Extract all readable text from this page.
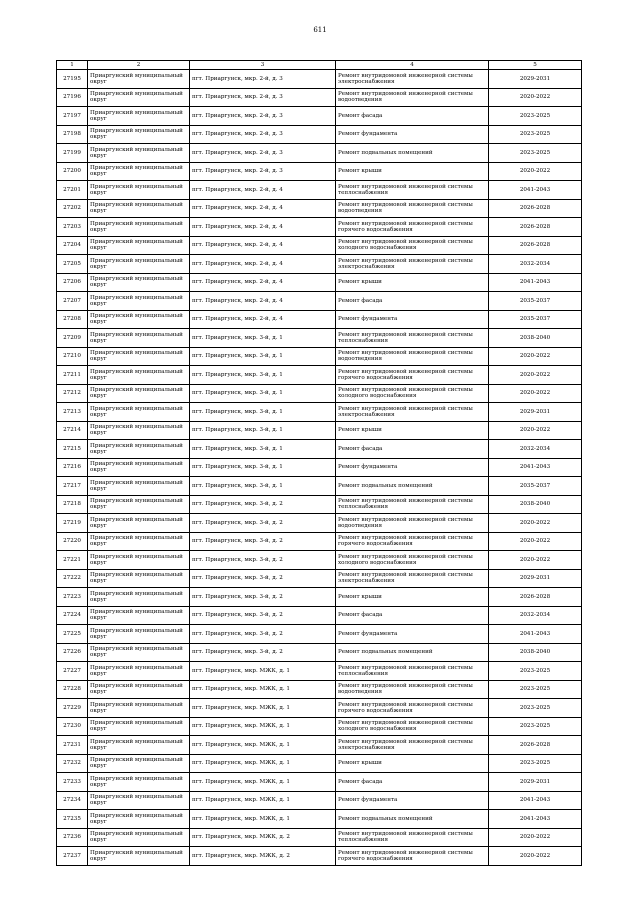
611
1	2	3	4	5
27195	Приаргунский муниципальный округ	пгт. Приаргунск, мкр. 2-й, д. 3	Ремонт внутридомовой инженерной системы электроснабжения	2029-2031
27196	Приаргунский муниципальный округ	пгт. Приаргунск, мкр. 2-й, д. 3	Ремонт внутридомовой инженерной системы водоотведения	2020-2022
27197	Приаргунский муниципальный округ	пгт. Приаргунск, мкр. 2-й, д. 3	Ремонт фасада	2023-2025
27198	Приаргунский муниципальный округ	пгт. Приаргунск, мкр. 2-й, д. 3	Ремонт фундамента	2023-2025
27199	Приаргунский муниципальный округ	пгт. Приаргунск, мкр. 2-й, д. 3	Ремонт подвальных помещений	2023-2025
27200	Приаргунский муниципальный округ	пгт. Приаргунск, мкр. 2-й, д. 3	Ремонт крыши	2020-2022
27201	Приаргунский муниципальный округ	пгт. Приаргунск, мкр. 2-й, д. 4	Ремонт внутридомовой инженерной системы теплоснабжения	2041-2043
27202	Приаргунский муниципальный округ	пгт. Приаргунск, мкр. 2-й, д. 4	Ремонт внутридомовой инженерной системы водоотведения	2026-2028
27203	Приаргунский муниципальный округ	пгт. Приаргунск, мкр. 2-й, д. 4	Ремонт внутридомовой инженерной системы горячего водоснабжения	2026-2028
27204	Приаргунский муниципальный округ	пгт. Приаргунск, мкр. 2-й, д. 4	Ремонт внутридомовой инженерной системы холодного водоснабжения	2026-2028
27205	Приаргунский муниципальный округ	пгт. Приаргунск, мкр. 2-й, д. 4	Ремонт внутридомовой инженерной системы электроснабжения	2032-2034
27206	Приаргунский муниципальный округ	пгт. Приаргунск, мкр. 2-й, д. 4	Ремонт крыши	2041-2043
27207	Приаргунский муниципальный округ	пгт. Приаргунск, мкр. 2-й, д. 4	Ремонт фасада	2035-2037
27208	Приаргунский муниципальный округ	пгт. Приаргунск, мкр. 2-й, д. 4	Ремонт фундамента	2035-2037
27209	Приаргунский муниципальный округ	пгт. Приаргунск, мкр. 3-й, д. 1	Ремонт внутридомовой инженерной системы теплоснабжения	2038-2040
27210	Приаргунский муниципальный округ	пгт. Приаргунск, мкр. 3-й, д. 1	Ремонт внутридомовой инженерной системы водоотведения	2020-2022
27211	Приаргунский муниципальный округ	пгт. Приаргунск, мкр. 3-й, д. 1	Ремонт внутридомовой инженерной системы горячего водоснабжения	2020-2022
27212	Приаргунский муниципальный округ	пгт. Приаргунск, мкр. 3-й, д. 1	Ремонт внутридомовой инженерной системы холодного водоснабжения	2020-2022
27213	Приаргунский муниципальный округ	пгт. Приаргунск, мкр. 3-й, д. 1	Ремонт внутридомовой инженерной системы электроснабжения	2029-2031
27214	Приаргунский муниципальный округ	пгт. Приаргунск, мкр. 3-й, д. 1	Ремонт крыши	2020-2022
27215	Приаргунский муниципальный округ	пгт. Приаргунск, мкр. 3-й, д. 1	Ремонт фасада	2032-2034
27216	Приаргунский муниципальный округ	пгт. Приаргунск, мкр. 3-й, д. 1	Ремонт фундамента	2041-2043
27217	Приаргунский муниципальный округ	пгт. Приаргунск, мкр. 3-й, д. 1	Ремонт подвальных помещений	2035-2037
27218	Приаргунский муниципальный округ	пгт. Приаргунск, мкр. 3-й, д. 2	Ремонт внутридомовой инженерной системы теплоснабжения	2038-2040
27219	Приаргунский муниципальный округ	пгт. Приаргунск, мкр. 3-й, д. 2	Ремонт внутридомовой инженерной системы водоотведения	2020-2022
27220	Приаргунский муниципальный округ	пгт. Приаргунск, мкр. 3-й, д. 2	Ремонт внутридомовой инженерной системы горячего водоснабжения	2020-2022
27221	Приаргунский муниципальный округ	пгт. Приаргунск, мкр. 3-й, д. 2	Ремонт внутридомовой инженерной системы холодного водоснабжения	2020-2022
27222	Приаргунский муниципальный округ	пгт. Приаргунск, мкр. 3-й, д. 2	Ремонт внутридомовой инженерной системы электроснабжения	2029-2031
27223	Приаргунский муниципальный округ	пгт. Приаргунск, мкр. 3-й, д. 2	Ремонт крыши	2026-2028
27224	Приаргунский муниципальный округ	пгт. Приаргунск, мкр. 3-й, д. 2	Ремонт фасада	2032-2034
27225	Приаргунский муниципальный округ	пгт. Приаргунск, мкр. 3-й, д. 2	Ремонт фундамента	2041-2043
27226	Приаргунский муниципальный округ	пгт. Приаргунск, мкр. 3-й, д. 2	Ремонт подвальных помещений	2038-2040
27227	Приаргунский муниципальный округ	пгт. Приаргунск, мкр. МЖК, д. 1	Ремонт внутридомовой инженерной системы теплоснабжения	2023-2025
27228	Приаргунский муниципальный округ	пгт. Приаргунск, мкр. МЖК, д. 1	Ремонт внутридомовой инженерной системы водоотведения	2023-2025
27229	Приаргунский муниципальный округ	пгт. Приаргунск, мкр. МЖК, д. 1	Ремонт внутридомовой инженерной системы горячего водоснабжения	2023-2025
27230	Приаргунский муниципальный округ	пгт. Приаргунск, мкр. МЖК, д. 1	Ремонт внутридомовой инженерной системы холодного водоснабжения	2023-2025
27231	Приаргунский муниципальный округ	пгт. Приаргунск, мкр. МЖК, д. 1	Ремонт внутридомовой инженерной системы электроснабжения	2026-2028
27232	Приаргунский муниципальный округ	пгт. Приаргунск, мкр. МЖК, д. 1	Ремонт крыши	2023-2025
27233	Приаргунский муниципальный округ	пгт. Приаргунск, мкр. МЖК, д. 1	Ремонт фасада	2029-2031
27234	Приаргунский муниципальный округ	пгт. Приаргунск, мкр. МЖК, д. 1	Ремонт фундамента	2041-2043
27235	Приаргунский муниципальный округ	пгт. Приаргунск, мкр. МЖК, д. 1	Ремонт подвальных помещений	2041-2043
27236	Приаргунский муниципальный округ	пгт. Приаргунск, мкр. МЖК, д. 2	Ремонт внутридомовой инженерной системы теплоснабжения	2020-2022
27237	Приаргунский муниципальный округ	пгт. Приаргунск, мкр. МЖК, д. 2	Ремонт внутридомовой инженерной системы горячего водоснабжения	2020-2022
